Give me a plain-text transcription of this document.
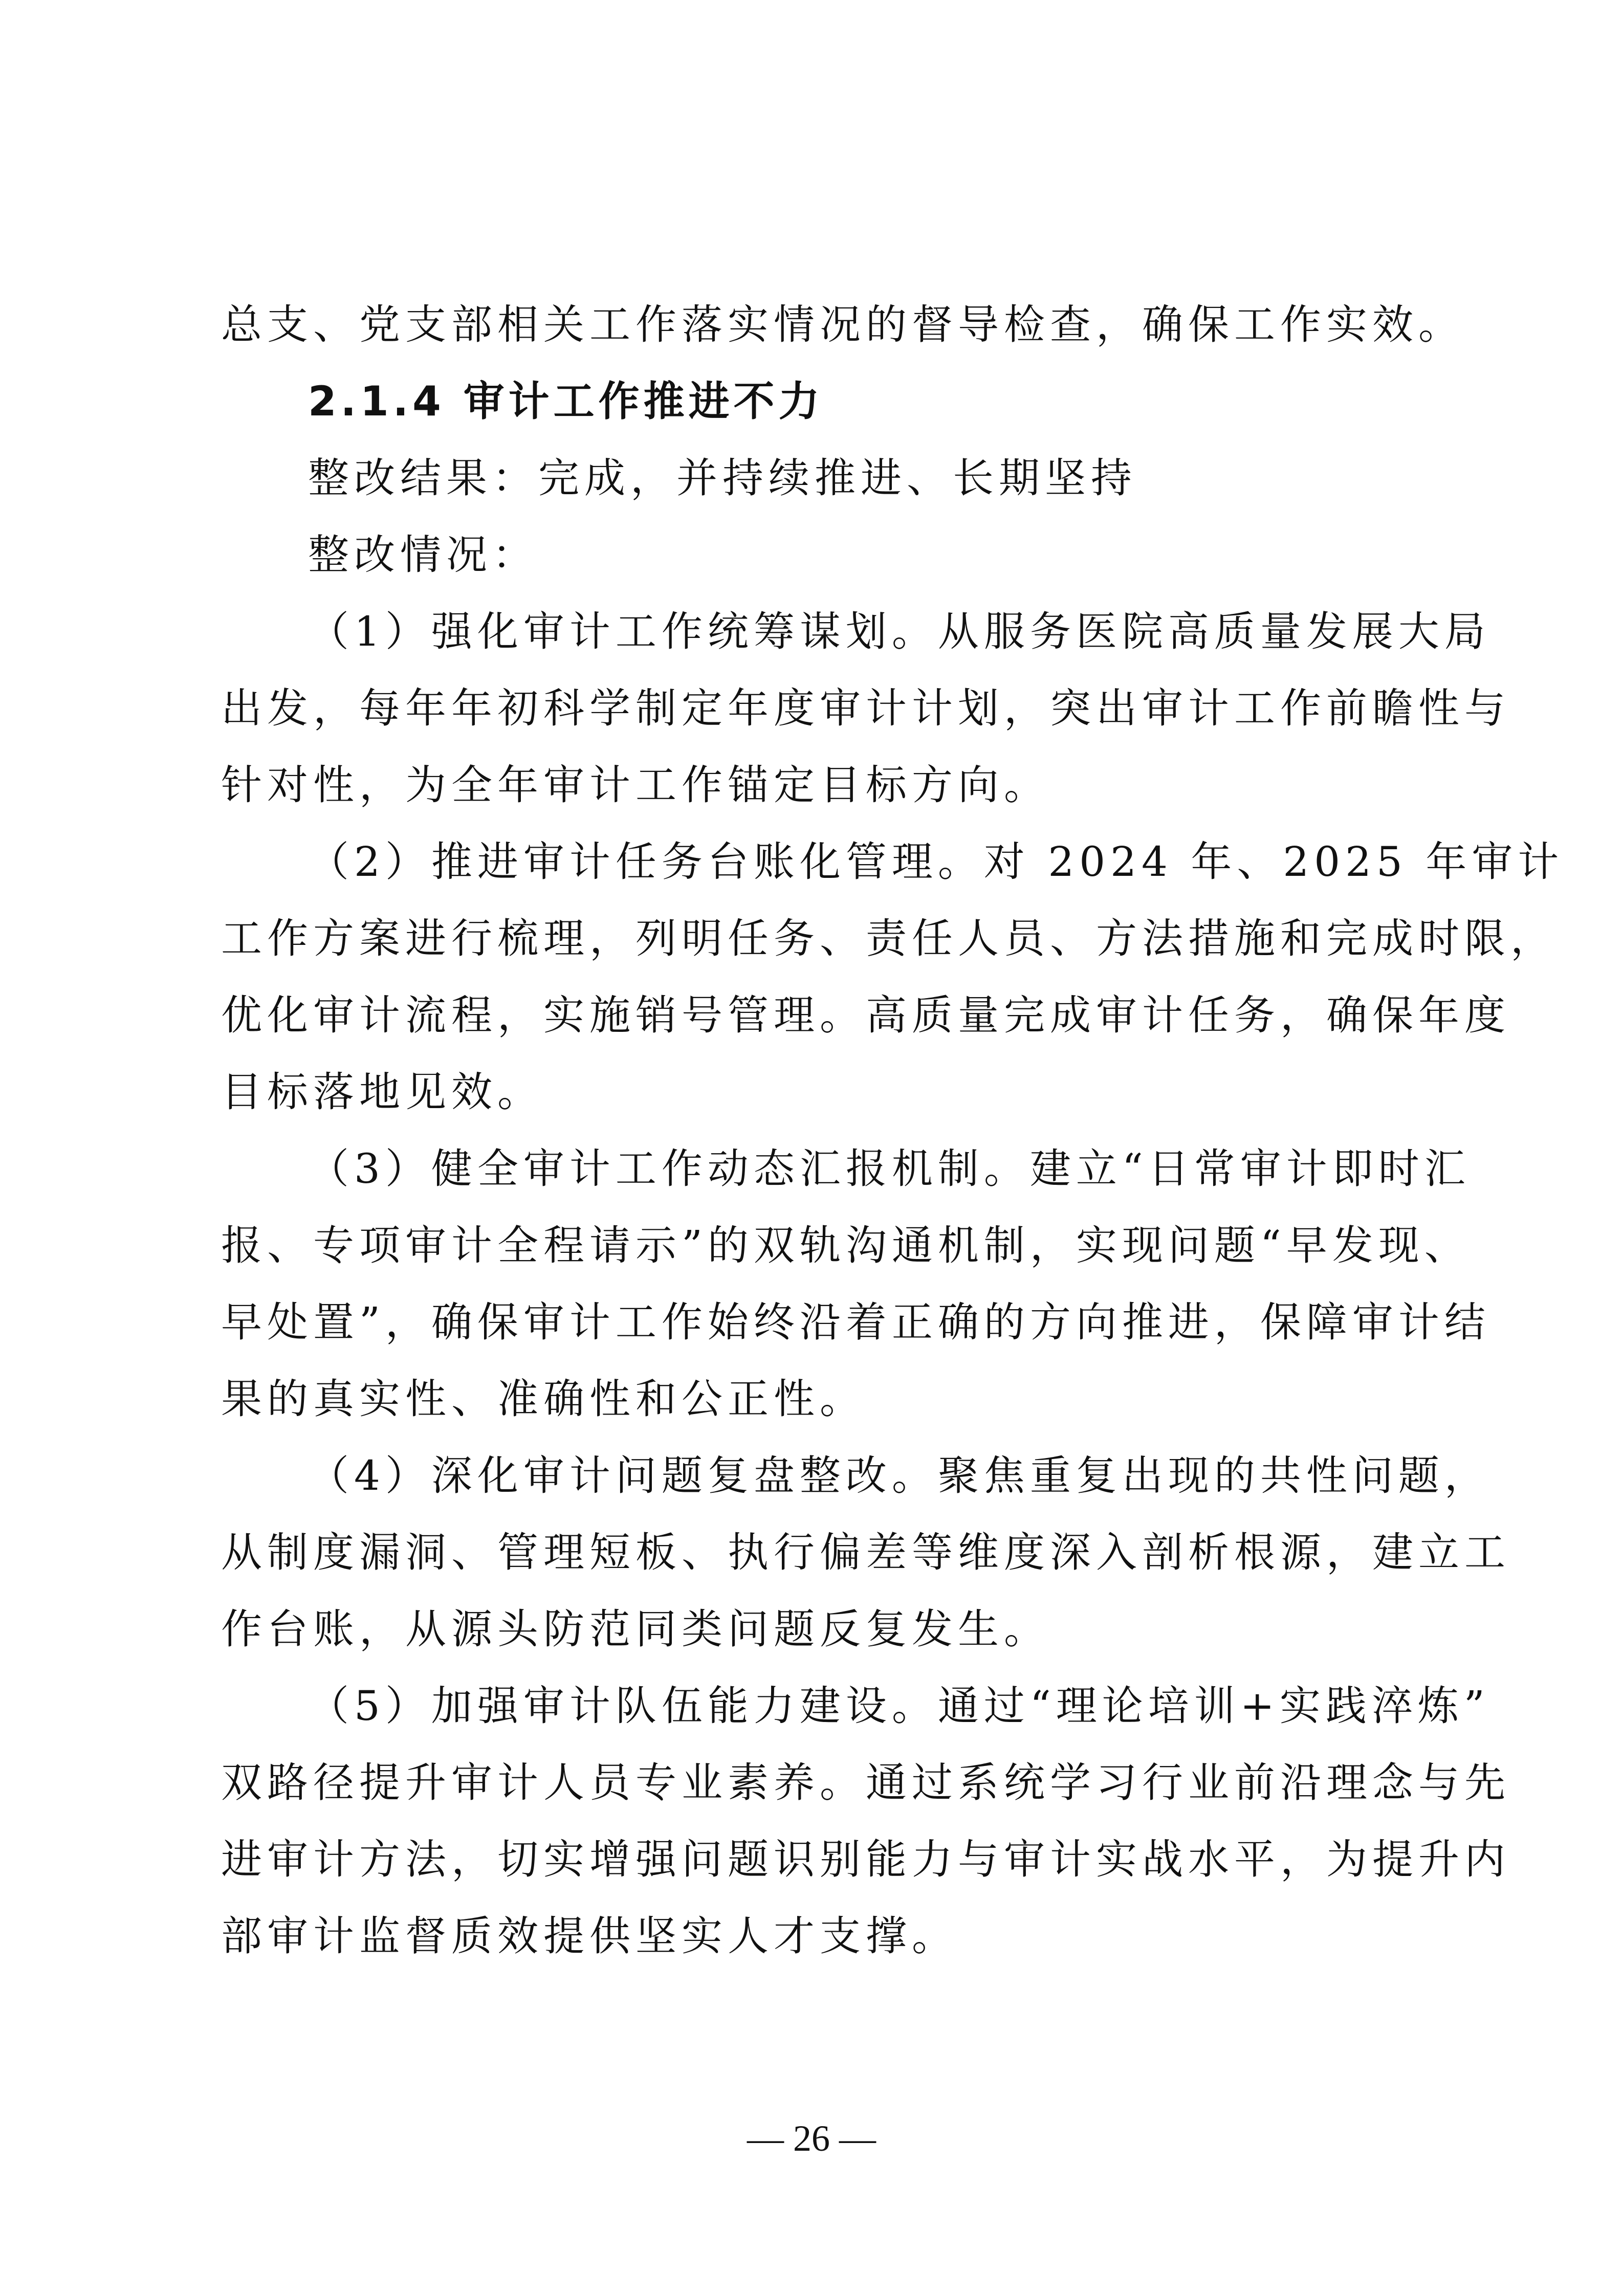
总支、党支部相关工作落实情况的督导检查，确保工作实效。
2.1.4 审计工作推进不力
整改结果：完成，并持续推进、长期坚持
整改情况：
（1）强化审计工作统筹谋划。从服务医院高质量发展大局
出发，每年年初科学制定年度审计计划，突出审计工作前瞻性与
针对性，为全年审计工作锚定目标方向。
（2）推进审计任务台账化管理。对 2024 年、2025 年审计
工作方案进行梳理，列明任务、责任人员、方法措施和完成时限，
优化审计流程，实施销号管理。高质量完成审计任务，确保年度
目标落地见效。
（3）健全审计工作动态汇报机制。建立“日常审计即时汇
报、专项审计全程请示”的双轨沟通机制，实现问题“早发现、
早处置”，确保审计工作始终沿着正确的方向推进，保障审计结
果的真实性、准确性和公正性。
（4）深化审计问题复盘整改。聚焦重复出现的共性问题，
从制度漏洞、管理短板、执行偏差等维度深入剖析根源，建立工
作台账，从源头防范同类问题反复发生。
（5）加强审计队伍能力建设。通过“理论培训+实践淬炼”
双路径提升审计人员专业素养。通过系统学习行业前沿理念与先
进审计方法，切实增强问题识别能力与审计实战水平，为提升内
部审计监督质效提供坚实人才支撑。
— 26 —
